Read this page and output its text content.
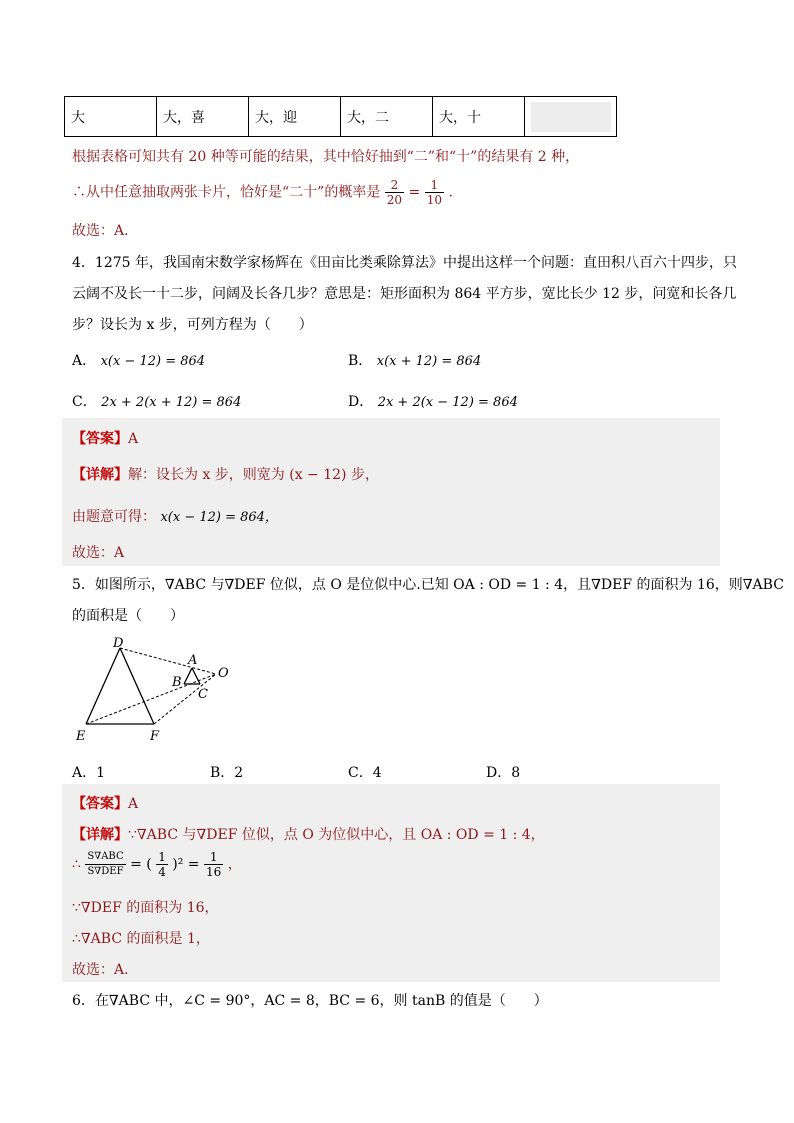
大	大，喜	大，迎	大，二	大，十	
根据表格可知共有 20 种等可能的结果，其中恰好抽到“二”和“十”的结果有 2 种，
∴从中任意抽取两张卡片，恰好是“二十”的概率是 $\frac{2}{20} = \frac{1}{10}$ .
故选：A．
4．1275 年，我国南宋数学家杨辉在《田亩比类乘除算法》中提出这样一个问题：直田积八百六十四步，只
云阔不及长一十二步，问阔及长各几步？意思是：矩形面积为 864 平方步，宽比长少 12 步，问宽和长各几
步？设长为 x 步，可列方程为（　　）
A． x(x − 12) = 864	B． x(x + 12) = 864
C． 2x + 2(x + 12) = 864	D． 2x + 2(x − 12) = 864
【答案】A
【详解】解：设长为 x 步，则宽为 (x − 12) 步，
由题意可得： x(x − 12) = 864，
故选：A
5．如图所示，∇ABC 与∇DEF 位似，点 O 是位似中心.已知 OA : OD = 1 : 4，且∇DEF 的面积为 16，则∇ABC
的面积是（　　）
D
A
O
B
C
E	F
A．1	B．2	C．4	D．8
【答案】A
【详解】∵∇ABC 与∇DEF 位似，点 O 为位似中心，且 OA : OD = 1 : 4，
∴ $\frac{\text{S∇ABC}}{\text{S∇DEF}}$ = ( $\frac{1}{4} )^2 = \frac{1}{16}$ ，
∵∇DEF 的面积为 16，
∴∇ABC 的面积是 1，
故选：A．
6．在∇ABC 中，∠C = 90°，AC = 8，BC = 6，则 tanB 的值是（　　）
